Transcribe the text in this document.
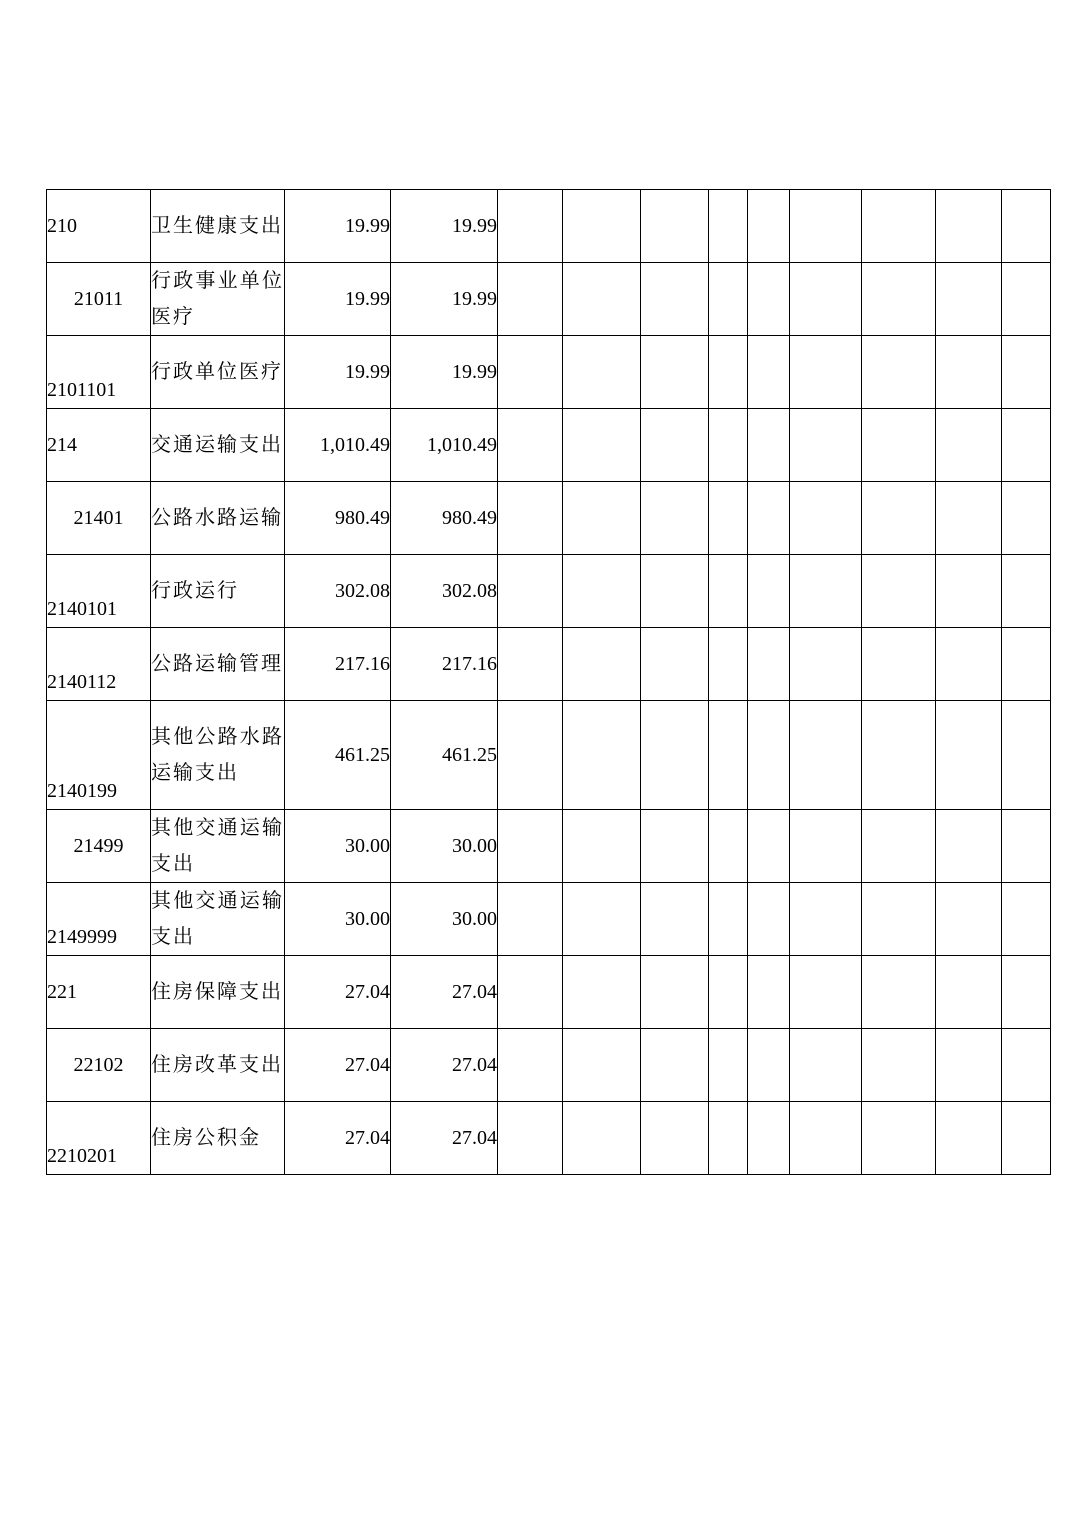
210	卫生健康支出	19.99	19.99									
21011	行政事业单位医疗	19.99	19.99									
2101101	行政单位医疗	19.99	19.99									
214	交通运输支出	1,010.49	1,010.49									
21401	公路水路运输	980.49	980.49									
2140101	行政运行	302.08	302.08									
2140112	公路运输管理	217.16	217.16									
2140199	其他公路水路运输支出	461.25	461.25									
21499	其他交通运输支出	30.00	30.00									
2149999	其他交通运输支出	30.00	30.00									
221	住房保障支出	27.04	27.04									
22102	住房改革支出	27.04	27.04									
2210201	住房公积金	27.04	27.04									
